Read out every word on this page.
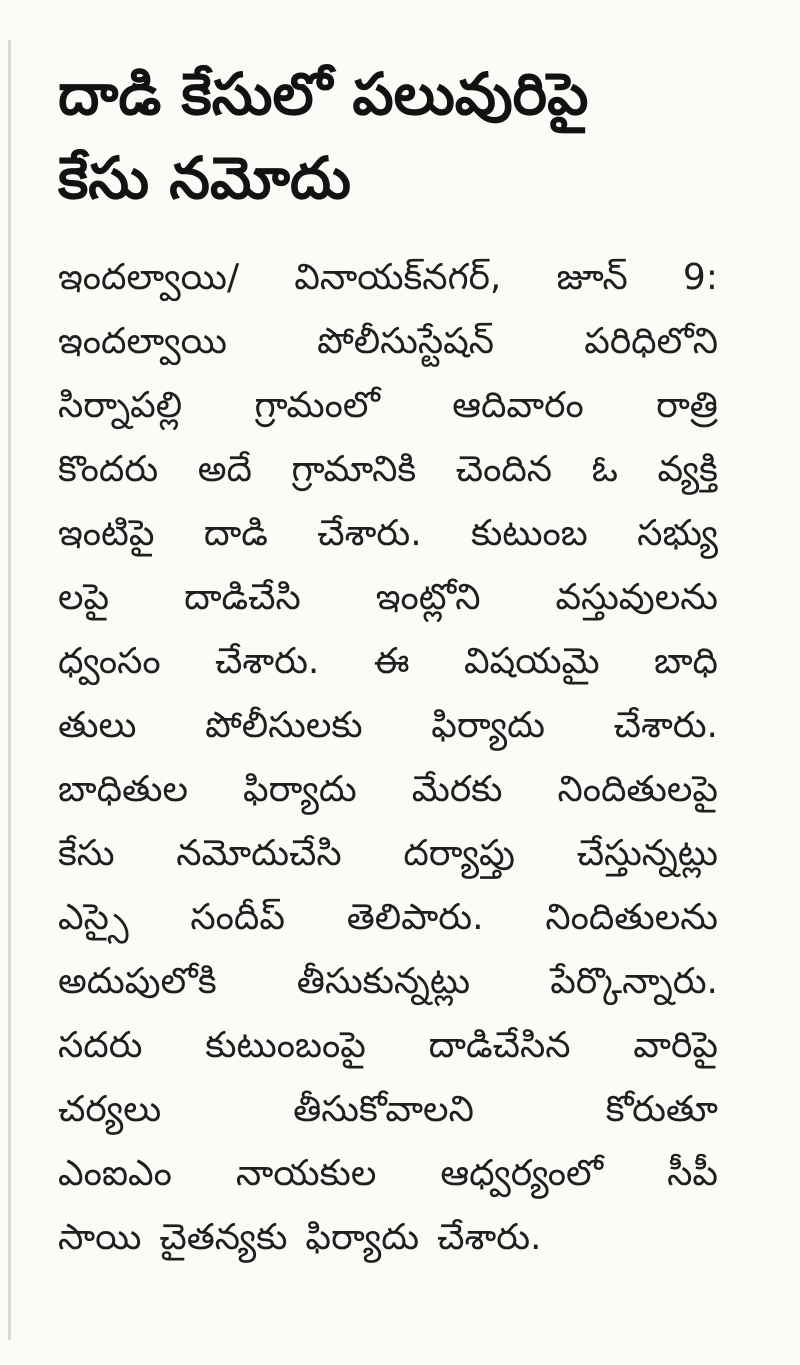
దాడి కేసులో పలువురిపై
కేసు నమోదు
ఇందల్వాయి/ వినాయక్‌నగర్, జూన్ 9:
ఇందల్వాయి	పోలీసుస్టేషన్	పరిధిలోని
సిర్నాపల్లి గ్రామంలో ఆదివారం రాత్రి
కొందరు అదే గ్రామానికి చెందిన ఓ వ్యక్తి
ఇంటిపై దాడి చేశారు. కుటుంబ సభ్యు
లపై దాడిచేసి ఇంట్లోని వస్తువులను
ధ్వంసం చేశారు. ఈ విషయమై బాధి
తులు పోలీసులకు ఫిర్యాదు చేశారు.
బాధితుల ఫిర్యాదు మేరకు నిందితులపై
కేసు నమోదుచేసి దర్యాప్తు చేస్తున్నట్లు
ఎస్సై సందీప్ తెలిపారు. నిందితులను
అదుపులోకి తీసుకున్నట్లు పేర్కొన్నారు.
సదరు కుటుంబంపై దాడిచేసిన వారిపై
చర్యలు	తీసుకోవాలని	కోరుతూ
ఎంఐఎం నాయకుల ఆధ్వర్యంలో సీపీ
సాయి చైతన్యకు ఫిర్యాదు చేశారు.
